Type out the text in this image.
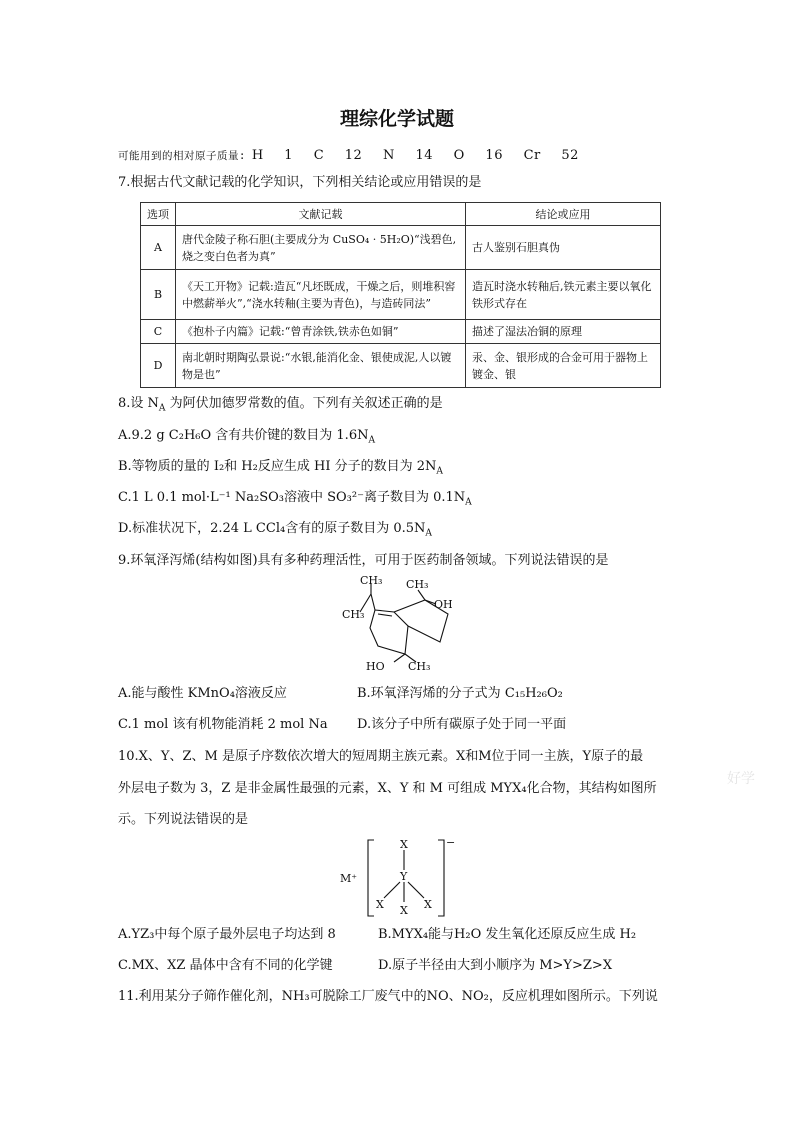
理综化学试题
可能用到的相对原子质量: H 1 C 12 N 14 O 16 Cr 52
7.根据古代文献记载的化学知识，下列相关结论或应用错误的是
选项	文献记载	结论或应用
A	唐代金陵子称石胆(主要成分为 CuSO₄ · 5H₂O)“浅碧色,烧之变白色者为真”	古人鉴别石胆真伪
B	《天工开物》记载:造瓦“凡坯既成，干燥之后，则堆积窖中燃薪举火”,“浇水转釉(主要为青色)，与造砖同法”	造瓦时浇水转釉后,铁元素主要以氧化铁形式存在
C	《抱朴子内篇》记载:“曾青涂铁,铁赤色如铜”	描述了湿法冶铜的原理
D	南北朝时期陶弘景说:“水银,能消化金、银使成泥,人以镀物是也”	汞、金、银形成的合金可用于器物上镀金、银
8.设 $N_A$ 为阿伏加德罗常数的值。下列有关叙述正确的是
A.9.2 g C₂H₆O 含有共价键的数目为 $1.6N_A$
B.等物质的量的 I₂和 H₂反应生成 HI 分子的数目为 $2N_A$
C.1 L 0.1 mol·L⁻¹ Na₂SO₃溶液中 SO₃²⁻离子数目为 $0.1N_A$
D.标准状况下，2.24 L CCl₄含有的原子数目为 $0.5N_A$
9.环氧泽泻烯(结构如图)具有多种药理活性，可用于医药制备领域。下列说法错误的是
CH₃
CH₃
CH₃
OH
HO CH₃
A.能与酸性 KMnO₄溶液反应	B.环氧泽泻烯的分子式为 C₁₅H₂₆O₂
C.1 mol 该有机物能消耗 2 mol Na D.该分子中所有碳原子处于同一平面
10.X、Y、Z、M 是原子序数依次增大的短周期主族元素。X和M位于同一主族，Y原子的最
外层电子数为 3，Z 是非金属性最强的元素，X、Y 和 M 可组成 MYX₄化合物，其结构如图所
示。下列说法错误的是
M⁺	Y
X
X X X
−
A.YZ₃中每个原子最外层电子均达到 8	B.MYX₄能与H₂O 发生氧化还原反应生成 H₂
C.MX、XZ 晶体中含有不同的化学键	D.原子半径由大到小顺序为 M>Y>Z>X
11.利用某分子筛作催化剂，NH₃可脱除工厂废气中的NO、NO₂，反应机理如图所示。下列说
好学
